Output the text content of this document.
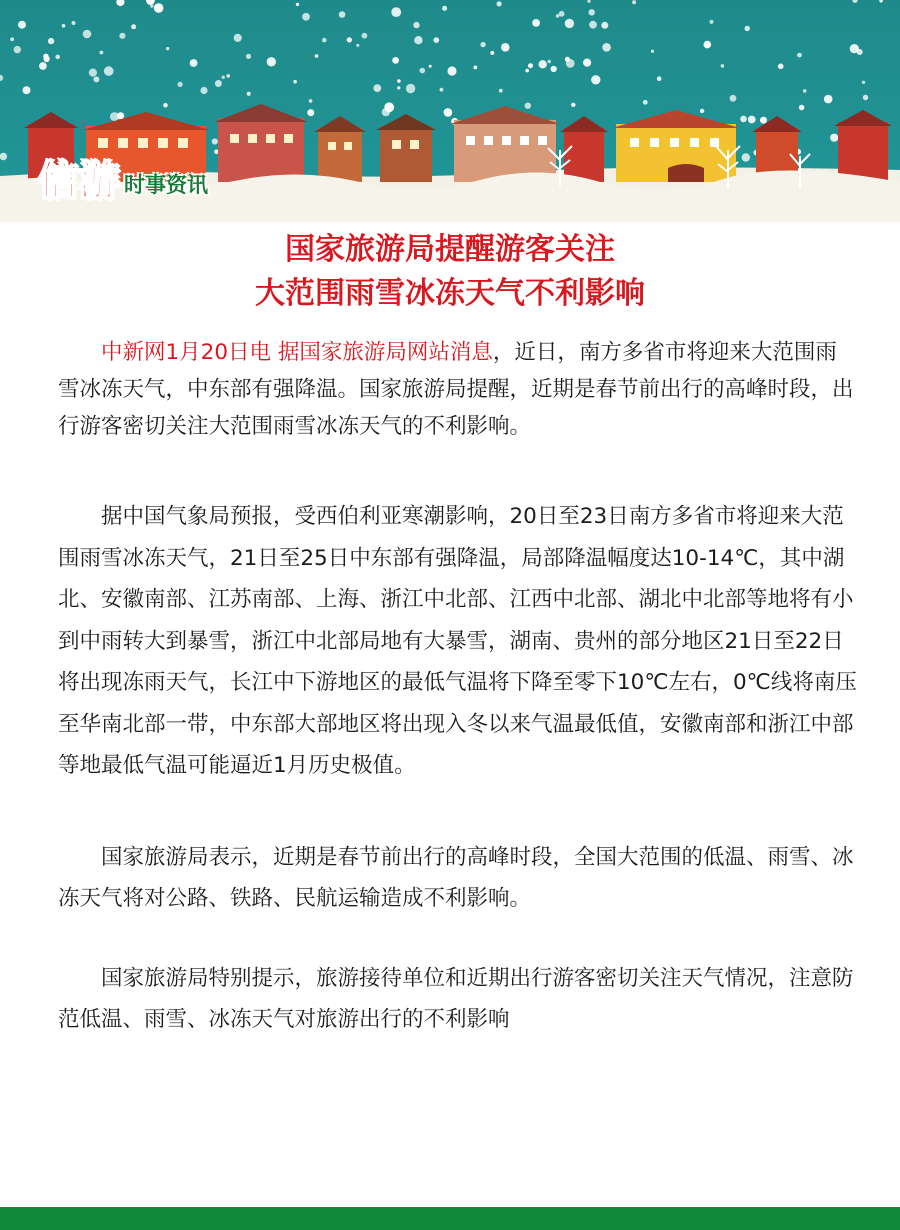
信游 时事资讯
国家旅游局提醒游客关注
大范围雨雪冰冻天气不利影响

中新网1月20日电 据国家旅游局网站消息，近日，南方多省市将迎来大范围雨雪冰冻天气，中东部有强降温。国家旅游局提醒，近期是春节前出行的高峰时段，出行游客密切关注大范围雨雪冰冻天气的不利影响。

据中国气象局预报，受西伯利亚寒潮影响，20日至23日南方多省市将迎来大范围雨雪冰冻天气，21日至25日中东部有强降温，局部降温幅度达10-14℃，其中湖北、安徽南部、江苏南部、上海、浙江中北部、江西中北部、湖北中北部等地将有小到中雨转大到暴雪，浙江中北部局地有大暴雪，湖南、贵州的部分地区21日至22日将出现冻雨天气，长江中下游地区的最低气温将下降至零下10℃左右，0℃线将南压至华南北部一带，中东部大部地区将出现入冬以来气温最低值，安徽南部和浙江中部等地最低气温可能逼近1月历史极值。

国家旅游局表示，近期是春节前出行的高峰时段，全国大范围的低温、雨雪、冰冻天气将对公路、铁路、民航运输造成不利影响。

国家旅游局特别提示，旅游接待单位和近期出行游客密切关注天气情况，注意防范低温、雨雪、冰冻天气对旅游出行的不利影响
